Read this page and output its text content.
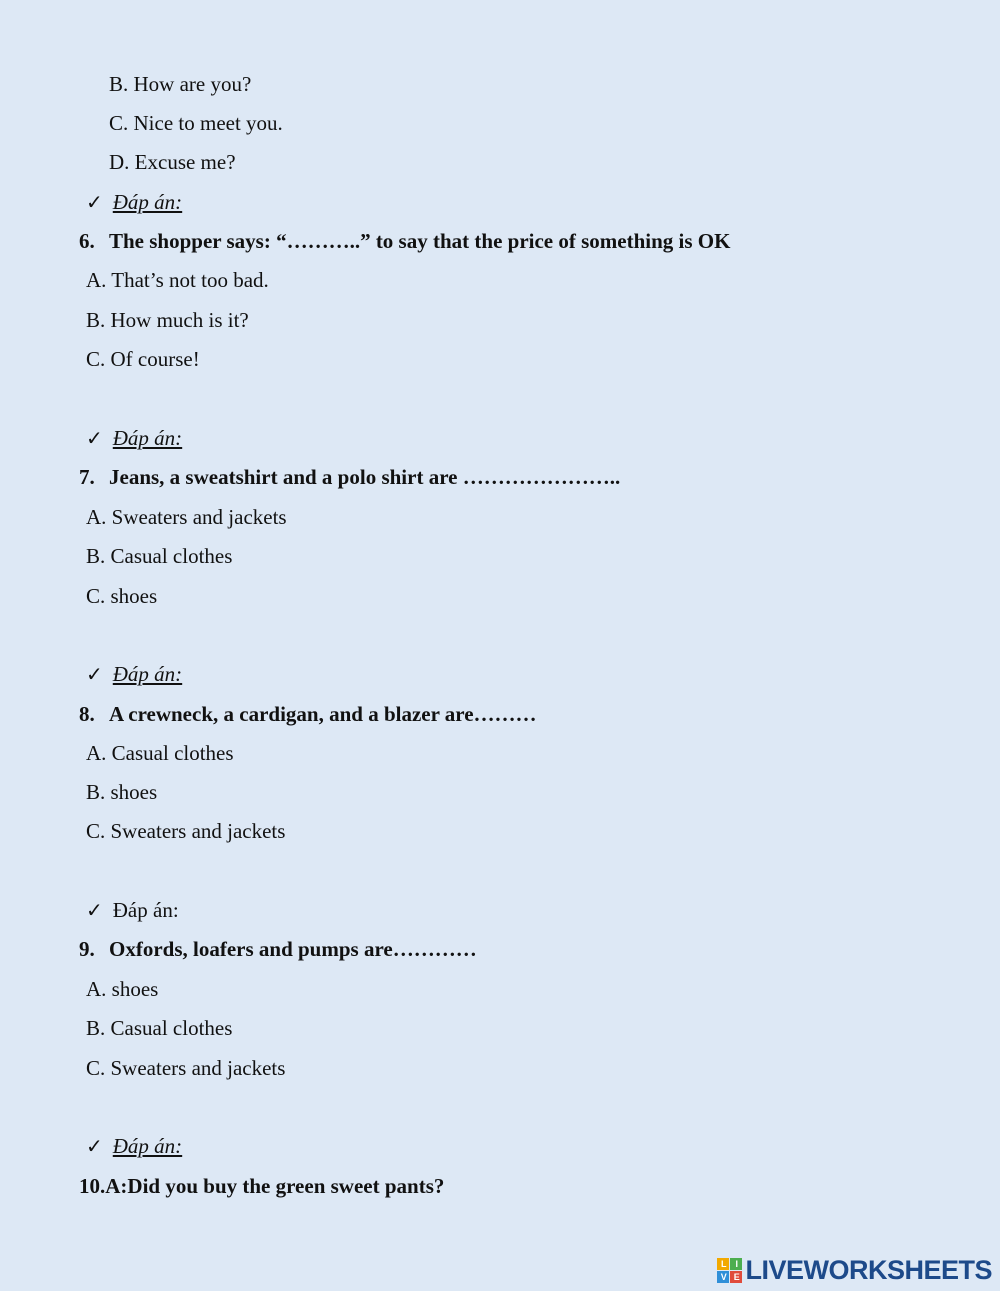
B. How are you?
C. Nice to meet you.
D. Excuse me?
✓ Đáp án:
6. The shopper says: “………..” to say that the price of something is OK
A. That’s not too bad.
B. How much is it?
C. Of course!
✓ Đáp án:
7. Jeans, a sweatshirt and a polo shirt are …………………..
A. Sweaters and jackets
B. Casual clothes
C. shoes
✓ Đáp án:
8. A crewneck, a cardigan, and a blazer are………
A. Casual clothes
B. shoes
C. Sweaters and jackets
✓ Đáp án:
9. Oxfords, loafers and pumps are…………
A. shoes
B. Casual clothes
C. Sweaters and jackets
✓ Đáp án:
10.A:Did you buy the green sweet pants?
L	I
V E LIVEWORKSHEETS
